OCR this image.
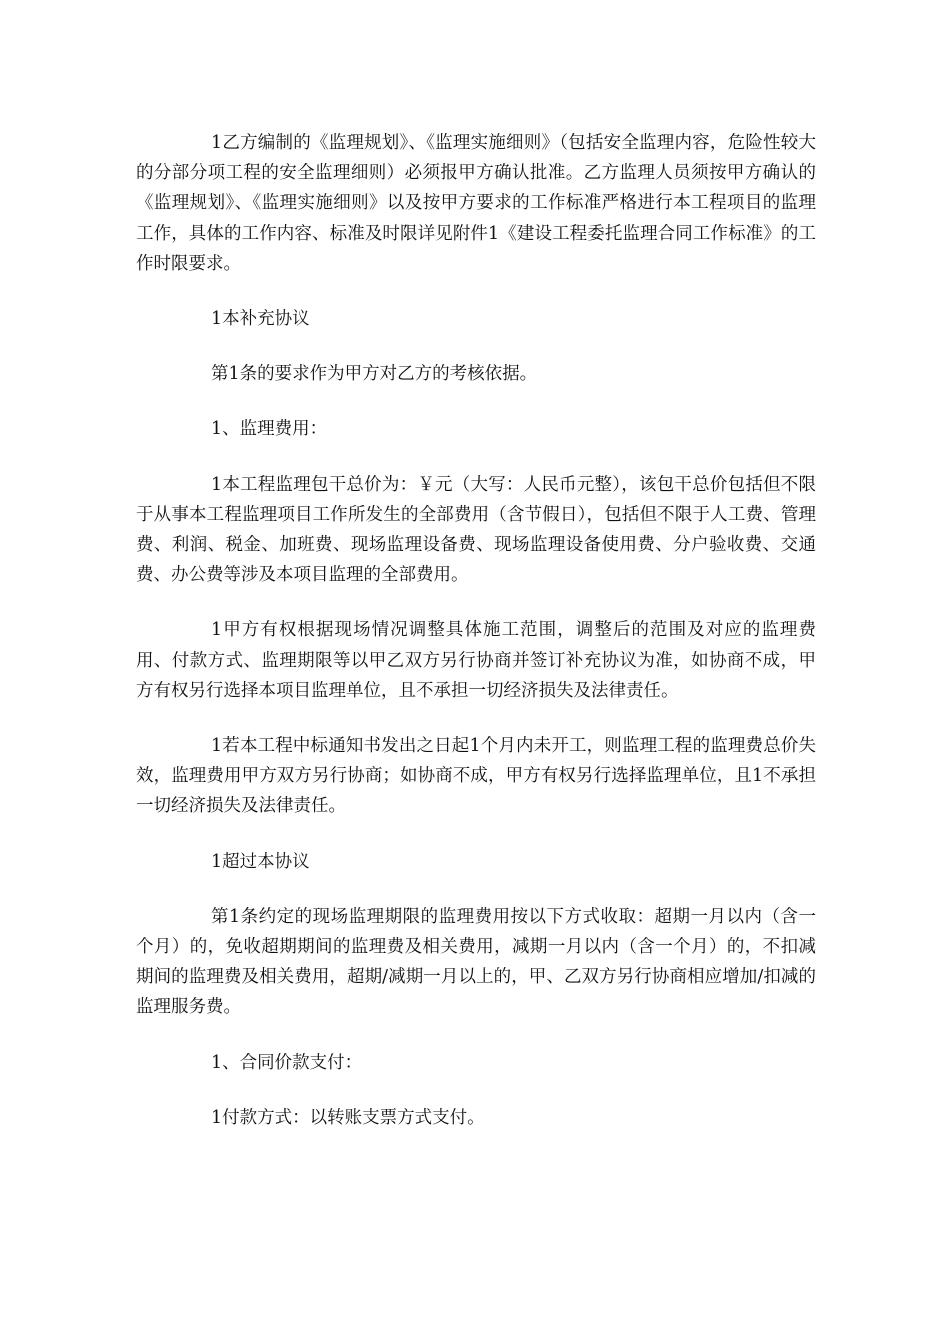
1乙方编制的《监理规划》、《监理实施细则》（包括安全监理内容，危险性较大的分部分项工程的安全监理细则）必须报甲方确认批准。乙方监理人员须按甲方确认的《监理规划》、《监理实施细则》以及按甲方要求的工作标准严格进行本工程项目的监理工作，具体的工作内容、标准及时限详见附件1《建设工程委托监理合同工作标准》的工作时限要求。

1本补充协议

第1条的要求作为甲方对乙方的考核依据。

1、监理费用：

1本工程监理包干总价为：￥元（大写：人民币元整），该包干总价包括但不限于从事本工程监理项目工作所发生的全部费用（含节假日），包括但不限于人工费、管理费、利润、税金、加班费、现场监理设备费、现场监理设备使用费、分户验收费、交通费、办公费等涉及本项目监理的全部费用。

1甲方有权根据现场情况调整具体施工范围，调整后的范围及对应的监理费用、付款方式、监理期限等以甲乙双方另行协商并签订补充协议为准，如协商不成，甲方有权另行选择本项目监理单位，且不承担一切经济损失及法律责任。

1若本工程中标通知书发出之日起1个月内未开工，则监理工程的监理费总价失效，监理费用甲方双方另行协商；如协商不成，甲方有权另行选择监理单位，且1不承担一切经济损失及法律责任。

1超过本协议

第1条约定的现场监理期限的监理费用按以下方式收取：超期一月以内（含一个月）的，免收超期期间的监理费及相关费用，减期一月以内（含一个月）的，不扣减期间的监理费及相关费用，超期/减期一月以上的，甲、乙双方另行协商相应增加/扣减的监理服务费。

1、合同价款支付：

1付款方式：以转账支票方式支付。
